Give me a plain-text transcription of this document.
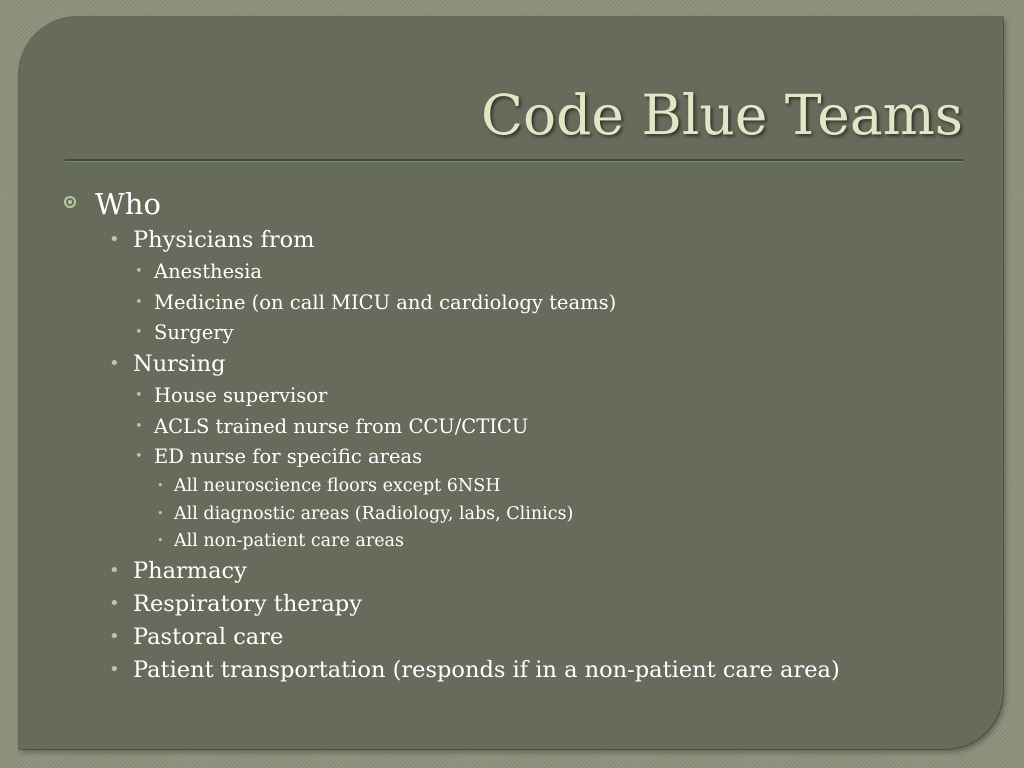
Code Blue Teams
Who
• Physicians from
• Anesthesia
• Medicine (on call MICU and cardiology teams)
• Surgery
• Nursing
• House supervisor
• ACLS trained nurse from CCU/CTICU
• ED nurse for specific areas
• All neuroscience floors except 6NSH
• All diagnostic areas (Radiology, labs, Clinics)
• All non-patient care areas
• Pharmacy
• Respiratory therapy
• Pastoral care
• Patient transportation (responds if in a non-patient care area)
